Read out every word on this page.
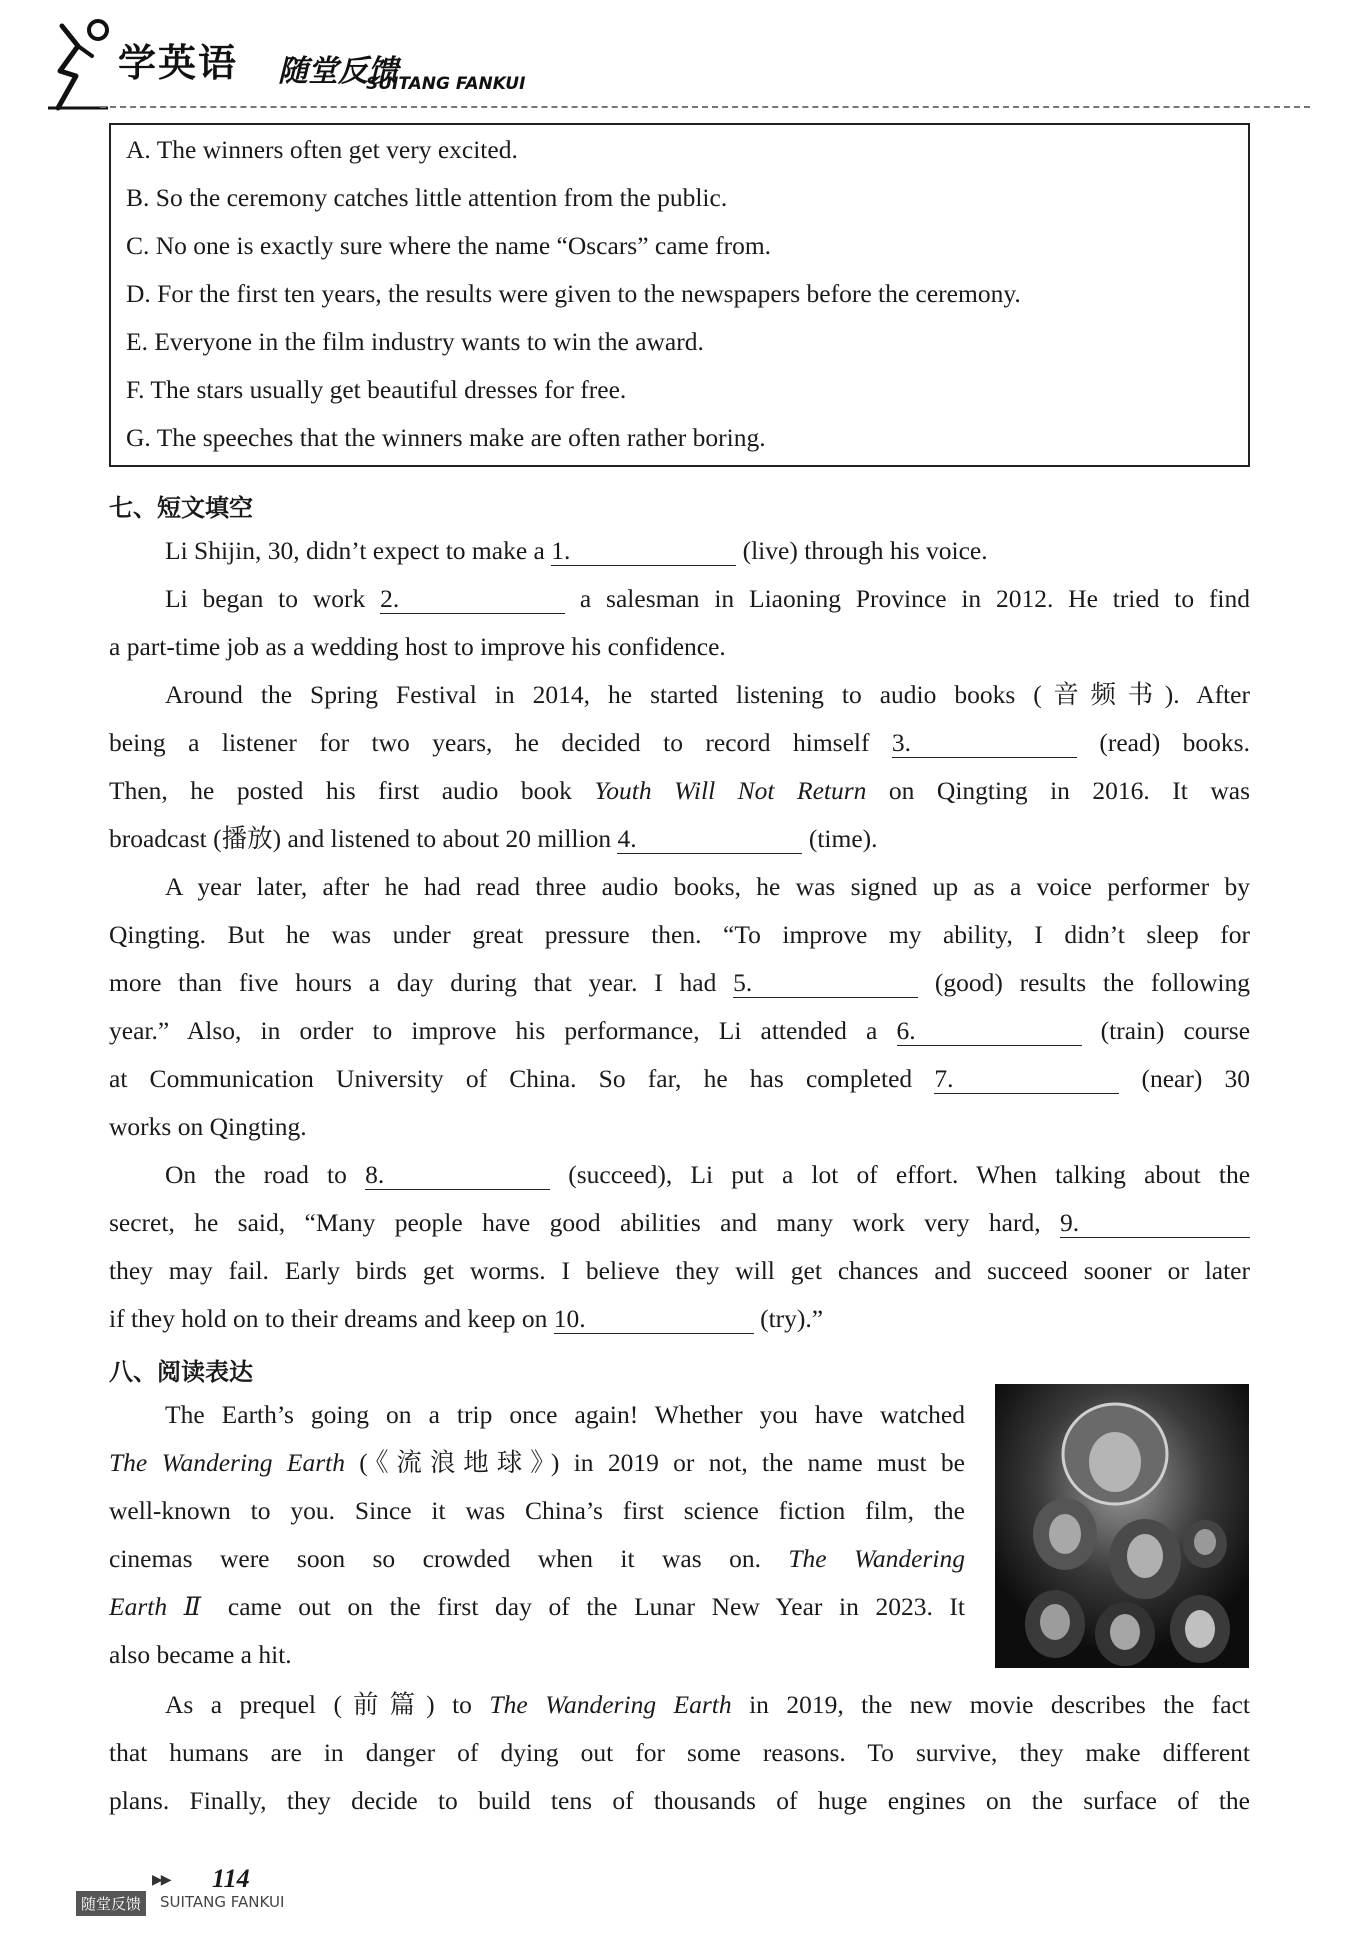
学英语 随堂反馈
SUITANG FANKUI
A. The winners often get very excited.
B. So the ceremony catches little attention from the public.
C. No one is exactly sure where the name “Oscars” came from.
D. For the first ten years, the results were given to the newspapers before the ceremony.
E. Everyone in the film industry wants to win the award.
F. The stars usually get beautiful dresses for free.
G. The speeches that the winners make are often rather boring.
七、短文填空
Li Shijin, 30, didn’t expect to make a 1.	(live) through his voice.
Li began to work 2.	a salesman in Liaoning Province in 2012. He tried to find
a part-time job as a wedding host to improve his confidence.
Around the Spring Festival in 2014, he started listening to audio books (音频书). After
being a listener for two years, he decided to record himself 3.	(read) books.
Then, he posted his first audio book Youth Will Not Return on Qingting in 2016. It was
broadcast (播放) and listened to about 20 million 4.	(time).
A year later, after he had read three audio books, he was signed up as a voice performer by
Qingting. But he was under great pressure then. “To improve my ability, I didn’t sleep for
more than five hours a day during that year. I had 5.	(good) results the following
year.” Also, in order to improve his performance, Li attended a 6.	(train) course
at Communication University of China. So far, he has completed 7.	(near) 30
works on Qingting.
On the road to 8.	(succeed), Li put a lot of effort. When talking about the
secret, he said, “Many people have good abilities and many work very hard, 9.
they may fail. Early birds get worms. I believe they will get chances and succeed sooner or later
if they hold on to their dreams and keep on 10.	(try).”
八、阅读表达
The Earth’s going on a trip once again! Whether you have watched
The Wandering Earth (《流浪地球》) in 2019 or not, the name must be
well-known to you. Since it was China’s first science fiction film, the
cinemas were soon so crowded when it was on. The Wandering
Earth Ⅱ came out on the first day of the Lunar New Year in 2023. It
also became a hit.
As a prequel (前篇) to The Wandering Earth in 2019, the new movie describes the fact
that humans are in danger of dying out for some reasons. To survive, they make different
plans. Finally, they decide to build tens of thousands of huge engines on the surface of the
▶▶ 114
随堂反馈	SUITANG FANKUI
